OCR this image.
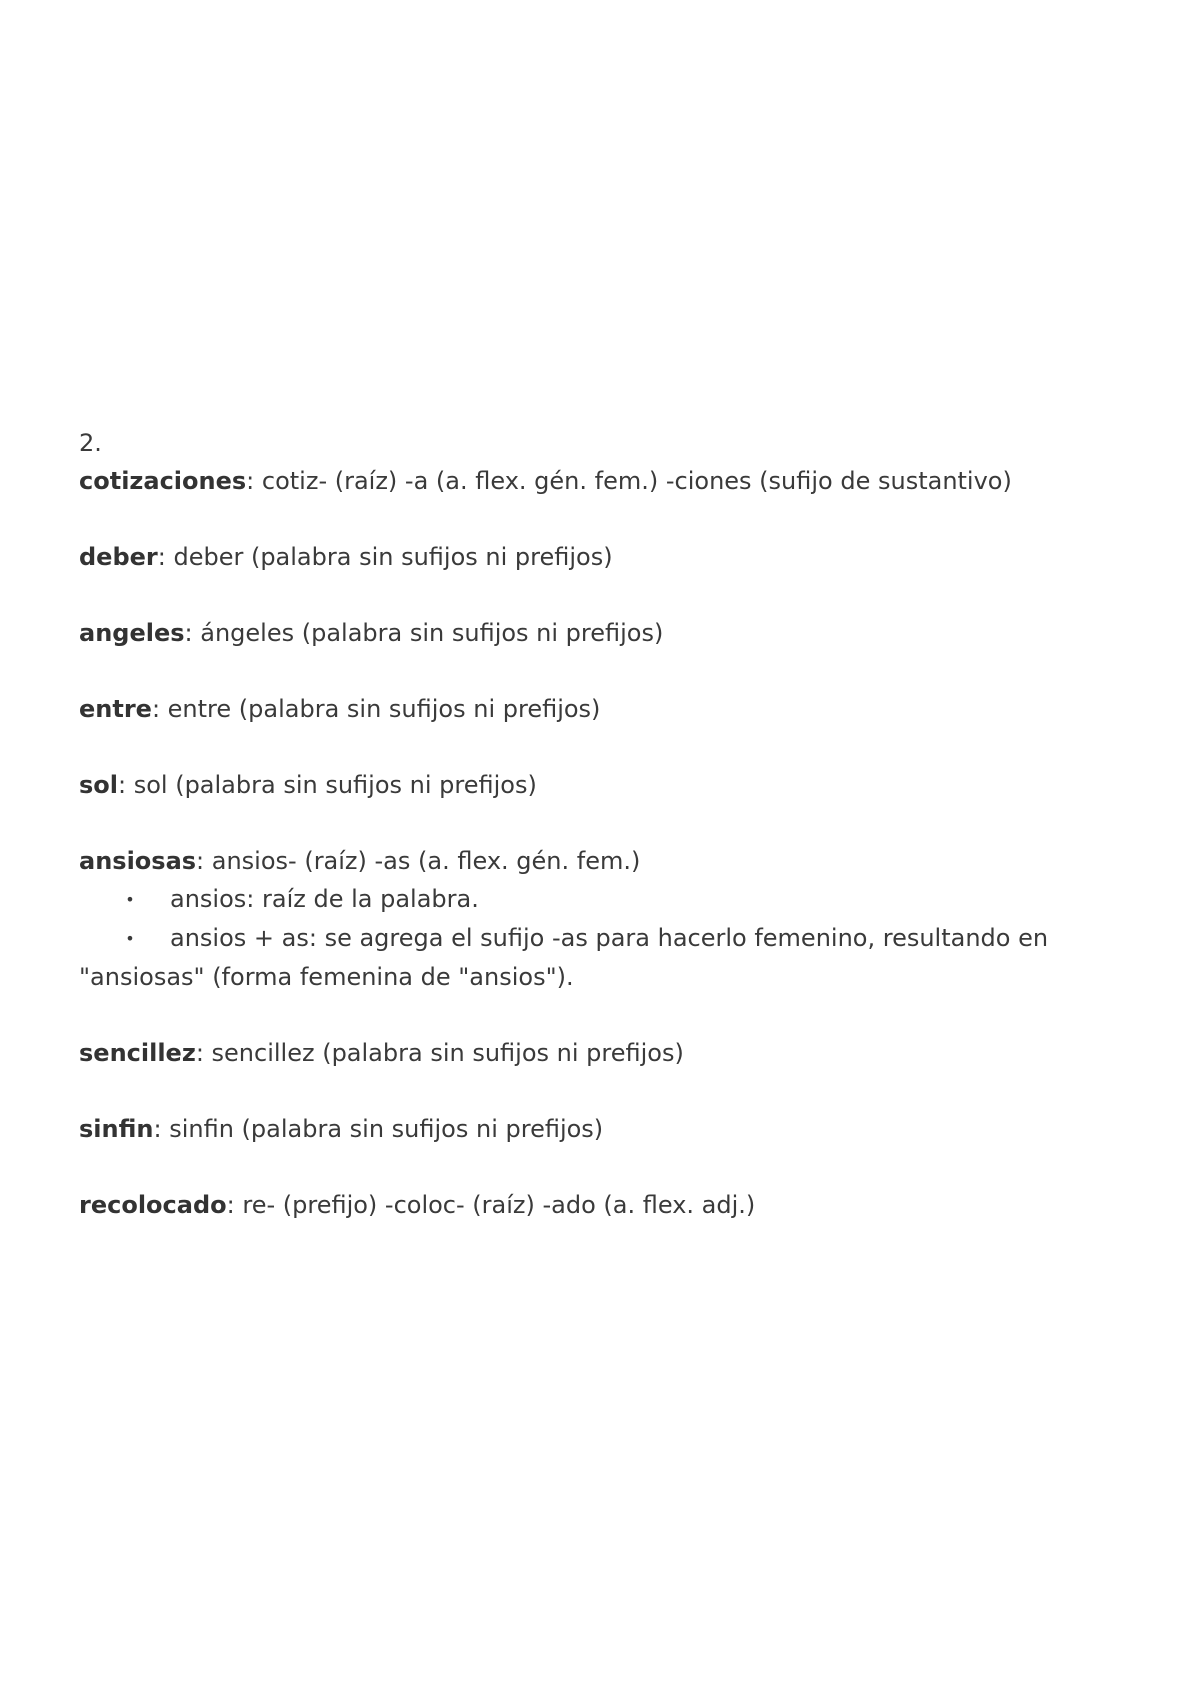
2.

cotizaciones: cotiz- (raíz) -a (a. flex. gén. fem.) -ciones (sufijo de sustantivo)

deber: deber (palabra sin sufijos ni prefijos)

angeles: ángeles (palabra sin sufijos ni prefijos)

entre: entre (palabra sin sufijos ni prefijos)

sol: sol (palabra sin sufijos ni prefijos)

ansiosas: ansios- (raíz) -as (a. flex. gén. fem.)

• ansios: raíz de la palabra.
• ansios + as: se agrega el sufijo -as para hacerlo femenino, resultando en

"ansiosas" (forma femenina de "ansios").

sencillez: sencillez (palabra sin sufijos ni prefijos)

sinfin: sinfin (palabra sin sufijos ni prefijos)

recolocado: re- (prefijo) -coloc- (raíz) -ado (a. flex. adj.)
